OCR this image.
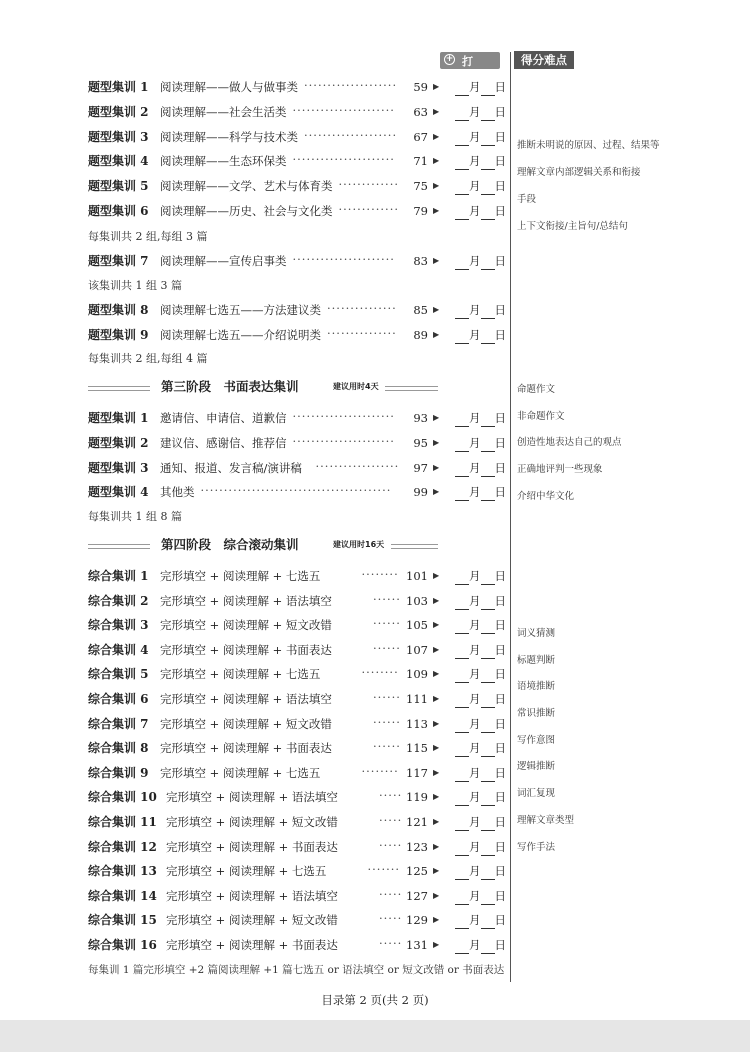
+ 打 卡
得分难点
题型集训 1 阅读理解——做人与做事类 ····················	59 ▶	月 日
题型集训 2 阅读理解——社会生活类 ······················	63 ▶	月 日
题型集训 3 阅读理解——科学与技术类 ····················	67 ▶	月 日
题型集训 4 阅读理解——生态环保类 ······················	71 ▶	月 日
题型集训 5 阅读理解——文学、艺术与体育类 ·············	75 ▶	月 日
题型集训 6 阅读理解——历史、社会与文化类 ·············	79 ▶	月 日
每集训共 2 组,每组 3 篇
题型集训 7 阅读理解——宣传启事类 ······················	83 ▶	月 日
该集训共 1 组 3 篇
题型集训 8 阅读理解七选五——方法建议类 ···············	85 ▶	月 日
题型集训 9 阅读理解七选五——介绍说明类 ···············	89 ▶	月 日
每集训共 2 组,每组 4 篇
第三阶段　书面表达集训	建议用时4天
题型集训 1 邀请信、申请信、道歉信 ······················	93 ▶	月 日
题型集训 2 建议信、感谢信、推荐信 ······················	95 ▶	月 日
题型集训 3 通知、报道、发言稿/演讲稿 ··················	97 ▶	月 日
题型集训 4 其他类 ·········································	99 ▶	月 日
每集训共 1 组 8 篇
第四阶段　综合滚动集训	建议用时16天
综合集训 1 完形填空 + 阅读理解 + 七选五	········ 101 ▶	月 日
综合集训 2 完形填空 + 阅读理解 + 语法填空	······ 103 ▶	月 日
综合集训 3 完形填空 + 阅读理解 + 短文改错	······ 105 ▶	月 日
综合集训 4 完形填空 + 阅读理解 + 书面表达	······ 107 ▶	月 日
综合集训 5 完形填空 + 阅读理解 + 七选五	········ 109 ▶	月 日
综合集训 6 完形填空 + 阅读理解 + 语法填空	······ 111 ▶	月 日
综合集训 7 完形填空 + 阅读理解 + 短文改错	······ 113 ▶	月 日
综合集训 8 完形填空 + 阅读理解 + 书面表达	······ 115 ▶	月 日
综合集训 9 完形填空 + 阅读理解 + 七选五	········ 117 ▶	月 日
综合集训 10 完形填空 + 阅读理解 + 语法填空	····· 119 ▶	月 日
综合集训 11 完形填空 + 阅读理解 + 短文改错	····· 121 ▶	月 日
综合集训 12 完形填空 + 阅读理解 + 书面表达	····· 123 ▶	月 日
综合集训 13 完形填空 + 阅读理解 + 七选五	······· 125 ▶	月 日
综合集训 14 完形填空 + 阅读理解 + 语法填空	····· 127 ▶	月 日
综合集训 15 完形填空 + 阅读理解 + 短文改错	····· 129 ▶	月 日
综合集训 16 完形填空 + 阅读理解 + 书面表达	····· 131 ▶	月 日
每集训 1 篇完形填空 +2 篇阅读理解 +1 篇七选五 or 语法填空 or 短文改错 or 书面表达
推断未明说的原因、过程、结果等
理解文章内部逻辑关系和衔接
手段
上下文衔接/主旨句/总结句
命题作文
非命题作文
创造性地表达自己的观点
正确地评判一些现象
介绍中华文化
词义猜测
标题判断
语境推断
常识推断
写作意图
逻辑推断
词汇复现
理解文章类型
写作手法
目录第 2 页(共 2 页)
